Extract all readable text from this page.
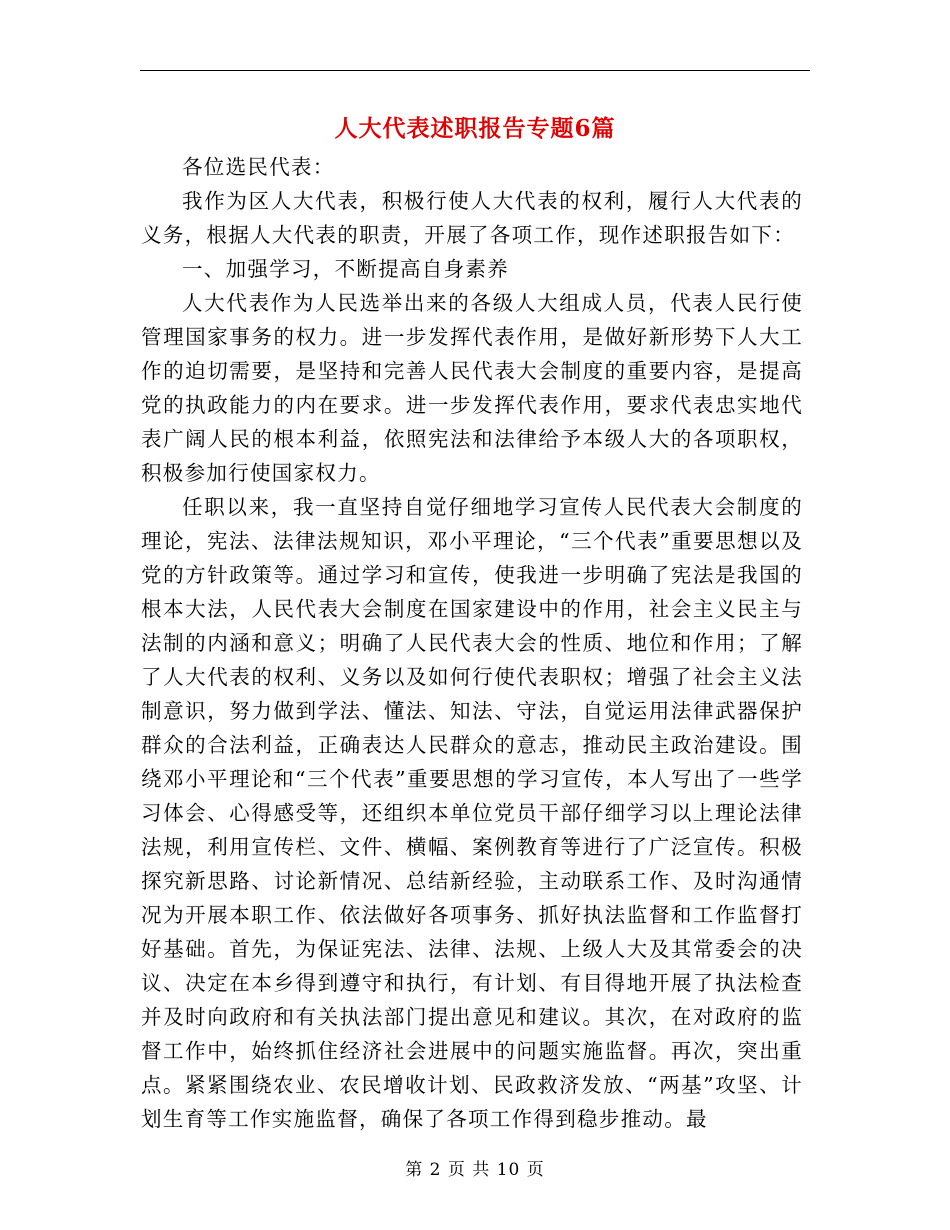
人大代表述职报告专题6篇

各位选民代表：

我作为区人大代表，积极行使人大代表的权利，履行人大代表的义务，根据人大代表的职责，开展了各项工作，现作述职报告如下：

一、加强学习，不断提高自身素养

人大代表作为人民选举出来的各级人大组成人员，代表人民行使管理国家事务的权力。进一步发挥代表作用，是做好新形势下人大工作的迫切需要，是坚持和完善人民代表大会制度的重要内容，是提高党的执政能力的内在要求。进一步发挥代表作用，要求代表忠实地代表广阔人民的根本利益，依照宪法和法律给予本级人大的各项职权，积极参加行使国家权力。

任职以来，我一直坚持自觉仔细地学习宣传人民代表大会制度的理论，宪法、法律法规知识，邓小平理论，“三个代表”重要思想以及党的方针政策等。通过学习和宣传，使我进一步明确了宪法是我国的根本大法，人民代表大会制度在国家建设中的作用，社会主义民主与法制的内涵和意义；明确了人民代表大会的性质、地位和作用；了解了人大代表的权利、义务以及如何行使代表职权；增强了社会主义法制意识，努力做到学法、懂法、知法、守法，自觉运用法律武器保护群众的合法利益，正确表达人民群众的意志，推动民主政治建设。围绕邓小平理论和“三个代表”重要思想的学习宣传，本人写出了一些学习体会、心得感受等，还组织本单位党员干部仔细学习以上理论法律法规，利用宣传栏、文件、横幅、案例教育等进行了广泛宣传。积极探究新思路、讨论新情况、总结新经验，主动联系工作、及时沟通情况为开展本职工作、依法做好各项事务、抓好执法监督和工作监督打好基础。首先，为保证宪法、法律、法规、上级人大及其常委会的决议、决定在本乡得到遵守和执行，有计划、有目得地开展了执法检查并及时向政府和有关执法部门提出意见和建议。其次，在对政府的监督工作中，始终抓住经济社会进展中的问题实施监督。再次，突出重点。紧紧围绕农业、农民增收计划、民政救济发放、“两基”攻坚、计划生育等工作实施监督，确保了各项工作得到稳步推动。最

第 2 页 共 10 页
